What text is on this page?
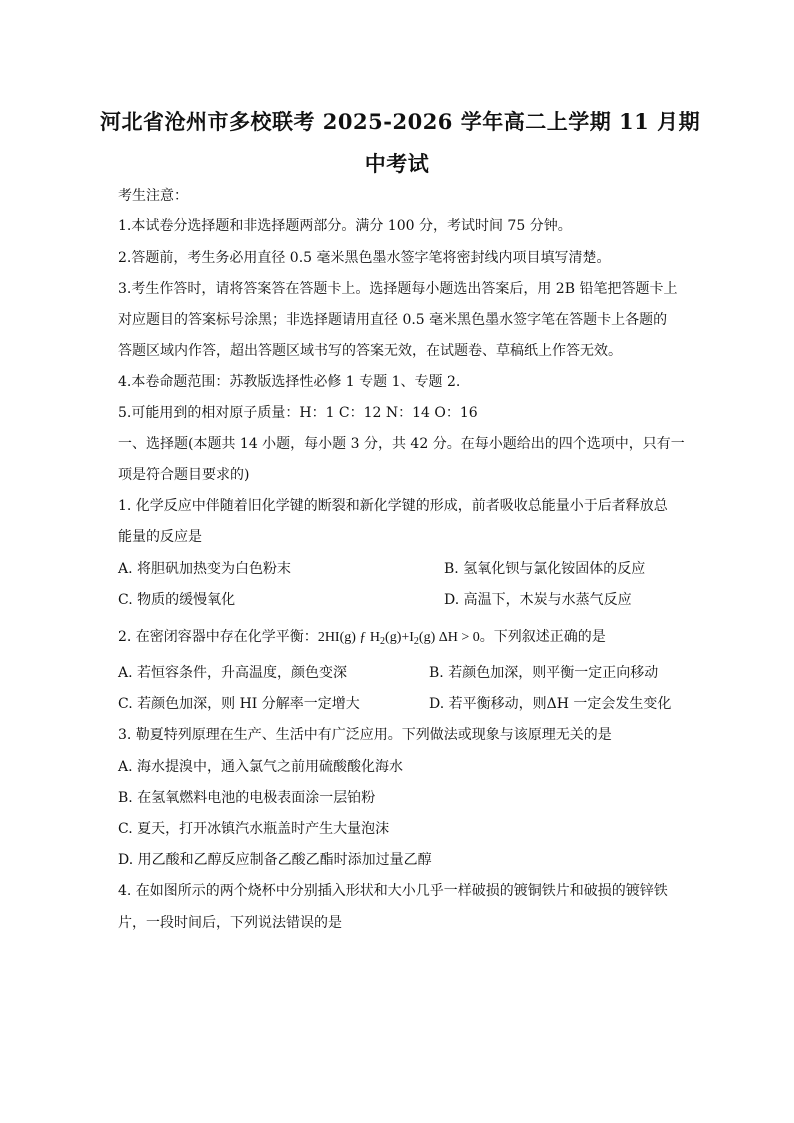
河北省沧州市多校联考 2025-2026 学年高二上学期 11 月期
中考试
考生注意：
1.本试卷分选择题和非选择题两部分。满分 100 分，考试时间 75 分钟。
2.答题前，考生务必用直径 0.5 毫米黑色墨水签字笔将密封线内项目填写清楚。
3.考生作答时，请将答案答在答题卡上。选择题每小题选出答案后，用 2B 铅笔把答题卡上
对应题目的答案标号涂黑；非选择题请用直径 0.5 毫米黑色墨水签字笔在答题卡上各题的
答题区域内作答，超出答题区域书写的答案无效，在试题卷、草稿纸上作答无效。
4.本卷命题范围：苏教版选择性必修 1 专题 1、专题 2.
5.可能用到的相对原子质量：H：1 C：12 N：14 O：16
一、选择题(本题共 14 小题，每小题 3 分，共 42 分。在每小题给出的四个选项中，只有一
项是符合题目要求的)
1. 化学反应中伴随着旧化学键的断裂和新化学键的形成，前者吸收总能量小于后者释放总
能量的反应是
A. 将胆矾加热变为白色粉末	B. 氢氧化钡与氯化铵固体的反应
C. 物质的缓慢氧化	D. 高温下，木炭与水蒸气反应
2. 在密闭容器中存在化学平衡：2HI(g) ƒ $H_2(g)+I_2(g) \Delta H > 0$。下列叙述正确的是
A. 若恒容条件，升高温度，颜色变深	B. 若颜色加深，则平衡一定正向移动
C. 若颜色加深，则 HI 分解率一定增大	D. 若平衡移动，则ΔH 一定会发生变化
3. 勒夏特列原理在生产、生活中有广泛应用。下列做法或现象与该原理无关的是
A. 海水提溴中，通入氯气之前用硫酸酸化海水
B. 在氢氧燃料电池的电极表面涂一层铂粉
C. 夏天，打开冰镇汽水瓶盖时产生大量泡沫
D. 用乙酸和乙醇反应制备乙酸乙酯时添加过量乙醇
4. 在如图所示的两个烧杯中分别插入形状和大小几乎一样破损的镀铜铁片和破损的镀锌铁
片，一段时间后，下列说法错误的是
